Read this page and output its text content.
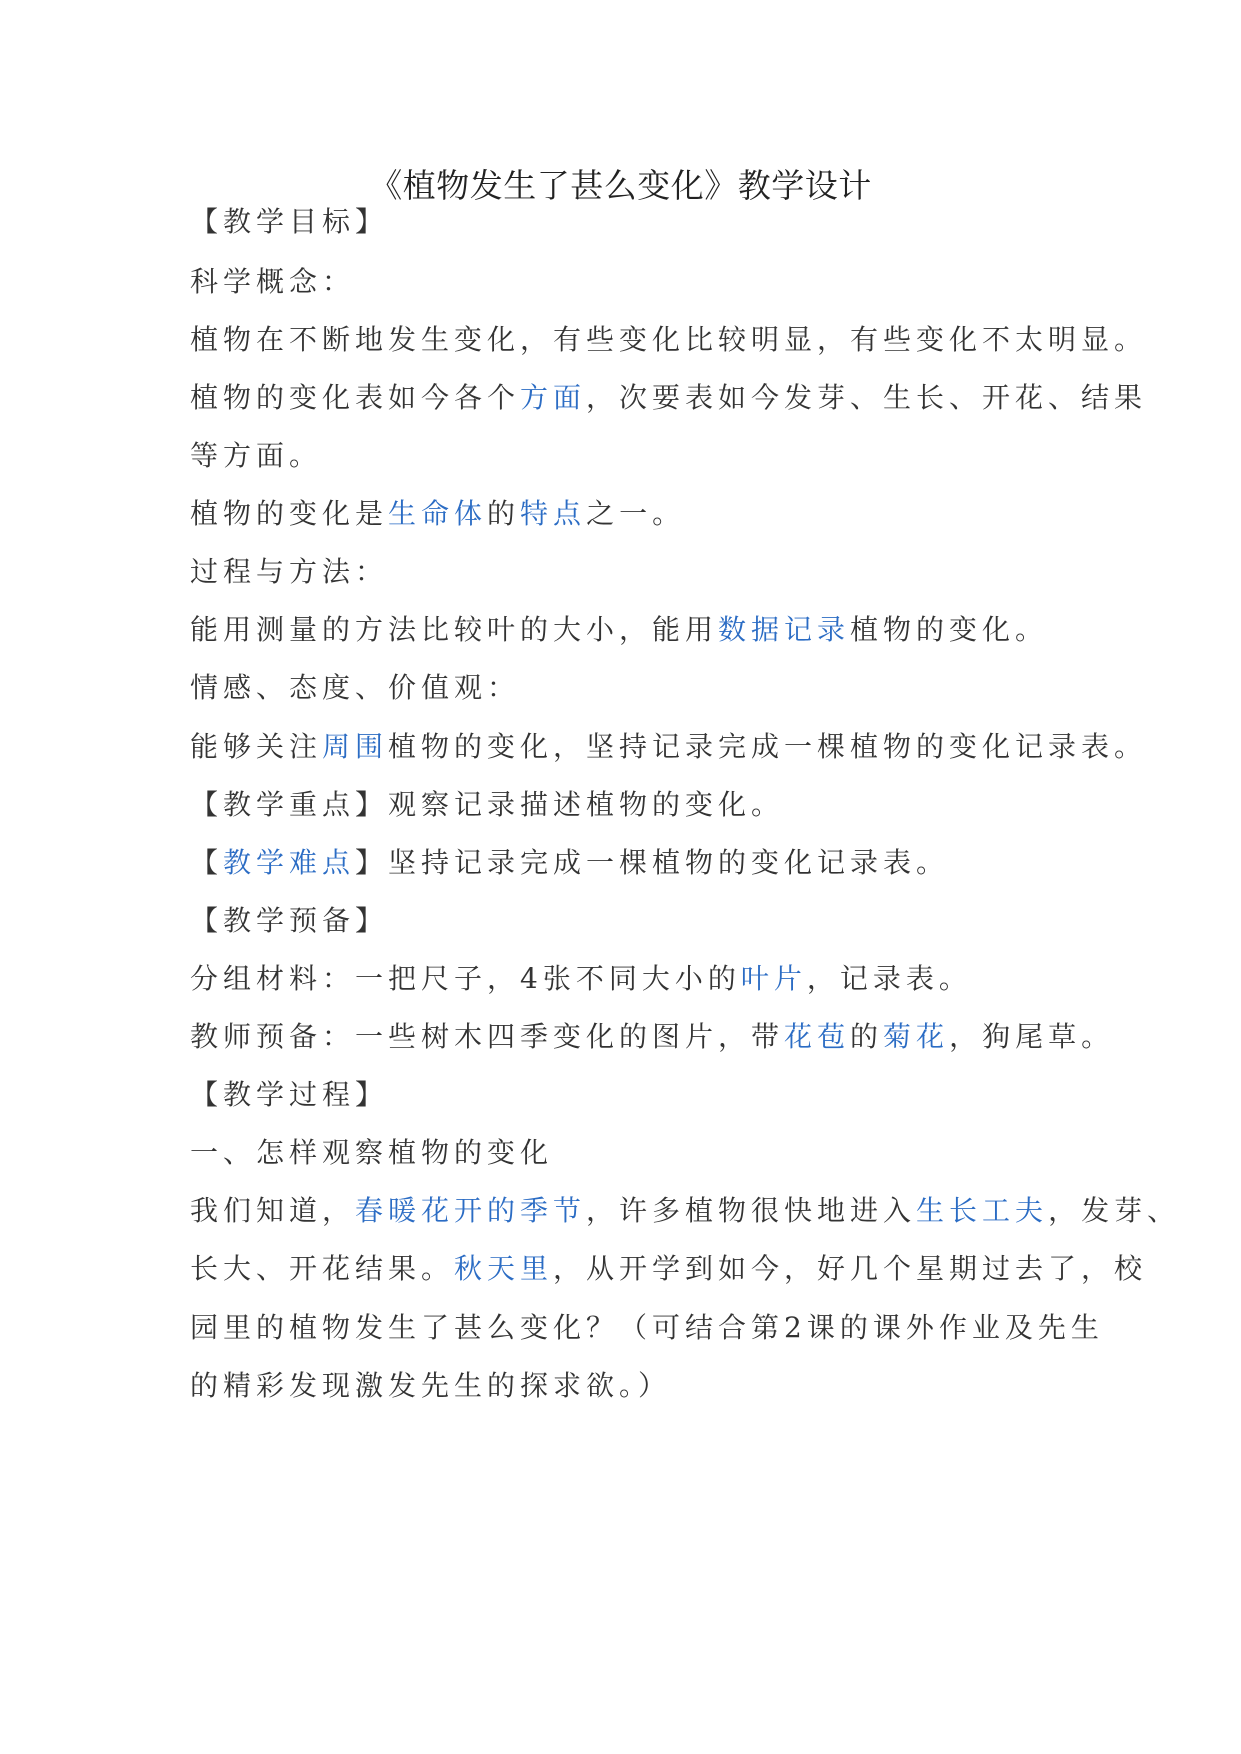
《植物发生了甚么变化》教学设计

【教学目标】

科学概念：

植物在不断地发生变化，有些变化比较明显，有些变化不太明显。

植物的变化表如今各个方面，次要表如今发芽、生长、开花、结果

等方面。

植物的变化是生命体的特点之一。

过程与方法：

能用测量的方法比较叶的大小，能用数据记录植物的变化。

情感、态度、价值观：

能够关注周围植物的变化，坚持记录完成一棵植物的变化记录表。

【教学重点】观察记录描述植物的变化。

【教学难点】坚持记录完成一棵植物的变化记录表。

【教学预备】

分组材料：一把尺子，4张不同大小的叶片，记录表。

教师预备：一些树木四季变化的图片，带花苞的菊花，狗尾草。

【教学过程】

一、怎样观察植物的变化

我们知道，春暖花开的季节，许多植物很快地进入生长工夫，发芽、

长大、开花结果。秋天里，从开学到如今，好几个星期过去了，校

园里的植物发生了甚么变化？（可结合第2课的课外作业及先生

的精彩发现激发先生的探求欲。）
